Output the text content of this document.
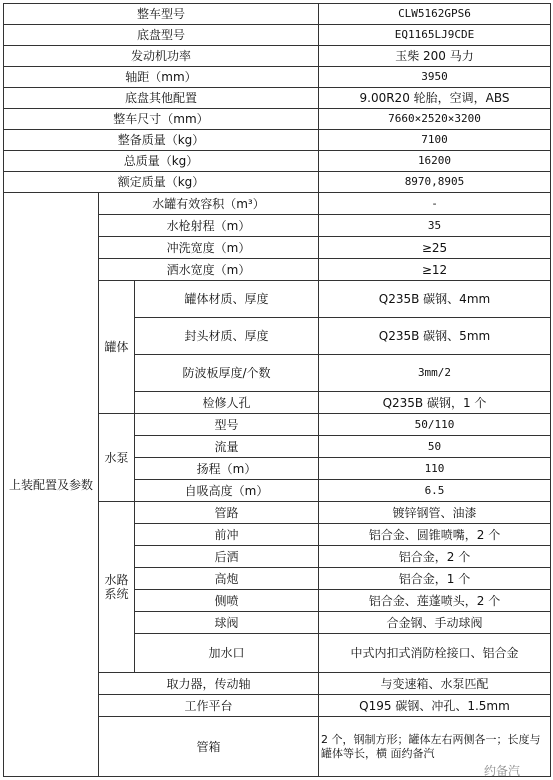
整车型号			CLW5162GPS6
底盘型号			EQ1165LJ9CDE
发动机功率			玉柴 200 马力
轴距（mm）			3950
底盘其他配置			9.00R20 轮胎，空调，ABS
整车尺寸（mm）			7660×2520×3200
整备质量（kg）			7100
总质量（kg）			16200
额定质量（kg）			8970,8905
上装配置及参数	水罐有效容积（m³）		-
	水枪射程（m）		35
	冲洗宽度（m）		≥25
	洒水宽度（m）		≥12
	罐体	罐体材质、厚度	Q235B 碳钢、4mm
		封头材质、厚度	Q235B 碳钢、5mm
		防波板厚度/个数	3mm/2
		检修人孔	Q235B 碳钢，1 个
	水泵	型号	50/110
		流量	50
		扬程（m）	110
		自吸高度（m）	6.5
	水路系统	管路	镀锌钢管、油漆
		前冲	铝合金、圆锥喷嘴，2 个
		后洒	铝合金，2 个
		高炮	铝合金，1 个
		侧喷	铝合金、莲蓬喷头，2 个
		球阀	合金钢、手动球阀
		加水口	中式内扣式消防栓接口、铝合金
	取力器，传动轴		与变速箱、水泵匹配
	工作平台		Q195 碳钢、冲孔、1.5mm
	管箱		2 个，钢制方形；罐体左右两侧各一；长度与罐体等长，横 面约备汽
约备汽
